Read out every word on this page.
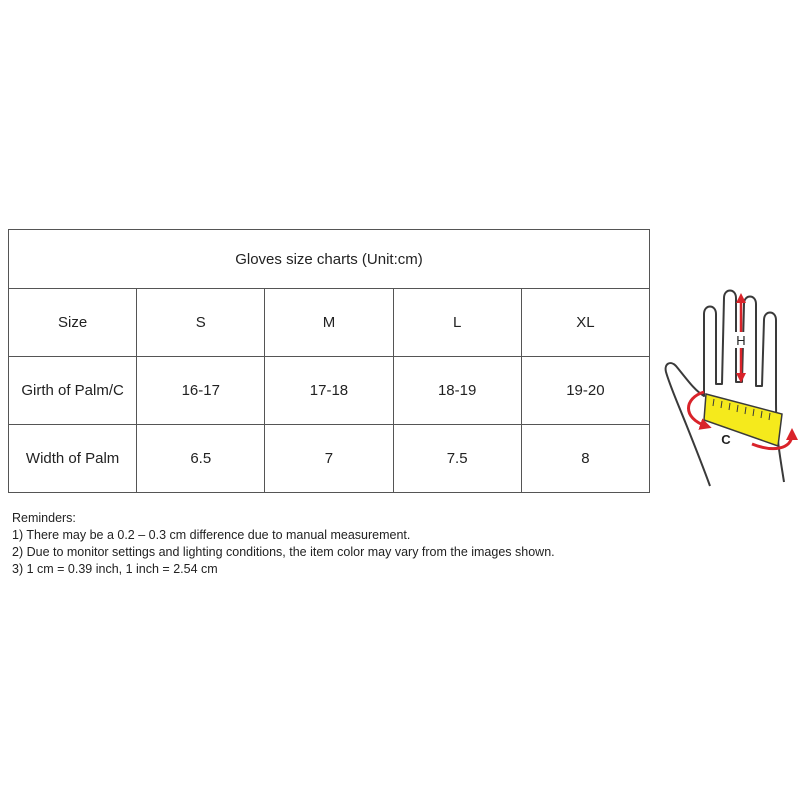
Gloves size charts (Unit:cm)				
Size	S	M	L	XL
Girth of Palm/C	16-17	17-18	18-19	19-20
Width of Palm	6.5	7	7.5	8
Reminders:
1) There may be a 0.2 – 0.3 cm difference due to manual measurement.
2) Due to monitor settings and lighting conditions, the item color may vary from the images shown.
3) 1 cm = 0.39 inch, 1 inch = 2.54 cm
H
C
